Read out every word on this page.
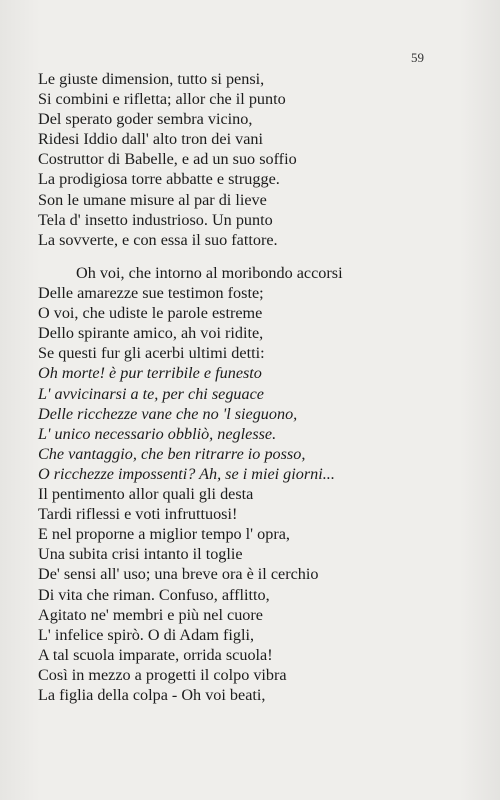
59
Le giuste dimension, tutto si pensi,
Si combini e rifletta; allor che il punto
Del sperato goder sembra vicino,
Ridesi Iddio dall' alto tron dei vani
Costruttor di Babelle, e ad un suo soffio
La prodigiosa torre abbatte e strugge.
Son le umane misure al par di lieve
Tela d' insetto industrioso. Un punto
La sovverte, e con essa il suo fattore.
Oh voi, che intorno al moribondo accorsi
Delle amarezze sue testimon foste;
O voi, che udiste le parole estreme
Dello spirante amico, ah voi ridite,
Se questi fur gli acerbi ultimi detti:
Oh morte! è pur terribile e funesto
L' avvicinarsi a te, per chi seguace
Delle ricchezze vane che no 'l sieguono,
L' unico necessario obbliò, neglesse.
Che vantaggio, che ben ritrarre io posso,
O ricchezze impossenti? Ah, se i miei giorni...
Il pentimento allor quali gli desta
Tardi riflessi e voti infruttuosi!
E nel proporne a miglior tempo l' opra,
Una subita crisi intanto il toglie
De' sensi all' uso; una breve ora è il cerchio
Di vita che riman. Confuso, afflitto,
Agitato ne' membri e più nel cuore
L' infelice spirò. O di Adam figli,
A tal scuola imparate, orrida scuola!
Così in mezzo a progetti il colpo vibra
La figlia della colpa - Oh voi beati,
